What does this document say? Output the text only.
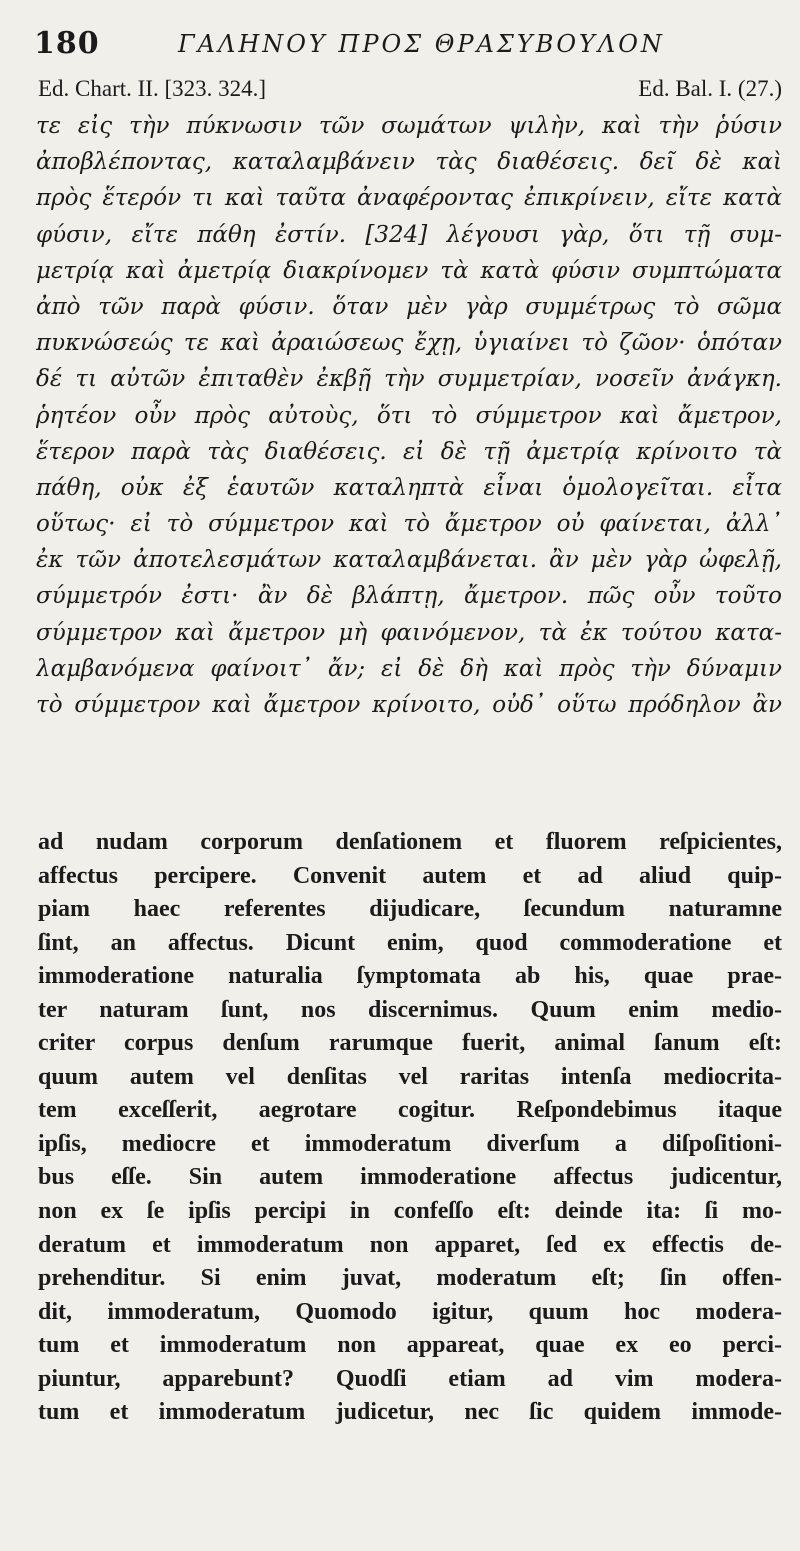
180	ΓΑΛΗΝΟΥ ΠΡΟΣ ΘΡΑΣΥΒΟΥΛΟΝ
Ed. Chart. II. [323. 324.]	Ed. Bal. I. (27.)
τε εἰς τὴν πύκνωσιν τῶν σωμάτων ψιλὴν, καὶ τὴν ῥύσιν
ἀποβλέποντας, καταλαμβάνειν τὰς διαθέσεις. δεῖ δὲ καὶ
πρὸς ἕτερόν τι καὶ ταῦτα ἀναφέροντας ἐπικρίνειν, εἴτε κατὰ
φύσιν, εἴτε πάθη ἐστίν. [324] λέγουσι γὰρ, ὅτι τῇ συμ-
μετρίᾳ καὶ ἀμετρίᾳ διακρίνομεν τὰ κατὰ φύσιν συμπτώματα
ἀπὸ τῶν παρὰ φύσιν. ὅταν μὲν γὰρ συμμέτρως τὸ σῶμα
πυκνώσεώς τε καὶ ἀραιώσεως ἔχῃ, ὑγιαίνει τὸ ζῶον· ὁπόταν
δέ τι αὐτῶν ἐπιταθὲν ἐκβῇ τὴν συμμετρίαν, νοσεῖν ἀνάγκη.
ῥητέον οὖν πρὸς αὐτοὺς, ὅτι τὸ σύμμετρον καὶ ἄμετρον,
ἕτερον παρὰ τὰς διαθέσεις. εἰ δὲ τῇ ἀμετρίᾳ κρίνοιτο τὰ
πάθη, οὐκ ἐξ ἑαυτῶν καταληπτὰ εἶναι ὁμολογεῖται. εἶτα
οὕτως· εἰ τὸ σύμμετρον καὶ τὸ ἄμετρον οὐ φαίνεται, ἀλλ᾽
ἐκ τῶν ἀποτελεσμάτων καταλαμβάνεται. ἂν μὲν γὰρ ὠφελῇ,
σύμμετρόν ἐστι· ἂν δὲ βλάπτῃ, ἄμετρον. πῶς οὖν τοῦτο
σύμμετρον καὶ ἄμετρον μὴ φαινόμενον, τὰ ἐκ τούτου κατα-
λαμβανόμενα φαίνοιτ᾽ ἄν; εἰ δὲ δὴ καὶ πρὸς τὴν δύναμιν
τὸ σύμμετρον καὶ ἄμετρον κρίνοιτο, οὐδ᾽ οὕτω πρόδηλον ἂν
ad nudam corporum denſationem et fluorem reſpicientes,
affectus percipere. Convenit autem et ad aliud quip-
piam haec referentes dijudicare, ſecundum naturamne
ſint, an affectus. Dicunt enim, quod commoderatione et
immoderatione naturalia ſymptomata ab his, quae prae-
ter naturam ſunt, nos discernimus. Quum enim medio-
criter corpus denſum rarumque fuerit, animal ſanum eſt:
quum autem vel denſitas vel raritas intenſa mediocrita-
tem exceſſerit, aegrotare cogitur. Reſpondebimus itaque
ipſis, mediocre et immoderatum diverſum a diſpoſitioni-
bus eſſe. Sin autem immoderatione affectus judicentur,
non ex ſe ipſis percipi in confeſſo eſt: deinde ita: ſi mo-
deratum et immoderatum non apparet, ſed ex effectis de-
prehenditur. Si enim juvat, moderatum eſt; ſin offen-
dit, immoderatum, Quomodo igitur, quum hoc modera-
tum et immoderatum non appareat, quae ex eo perci-
piuntur, apparebunt? Quodſi etiam ad vim modera-
tum et immoderatum judicetur, nec ſic quidem immode-
